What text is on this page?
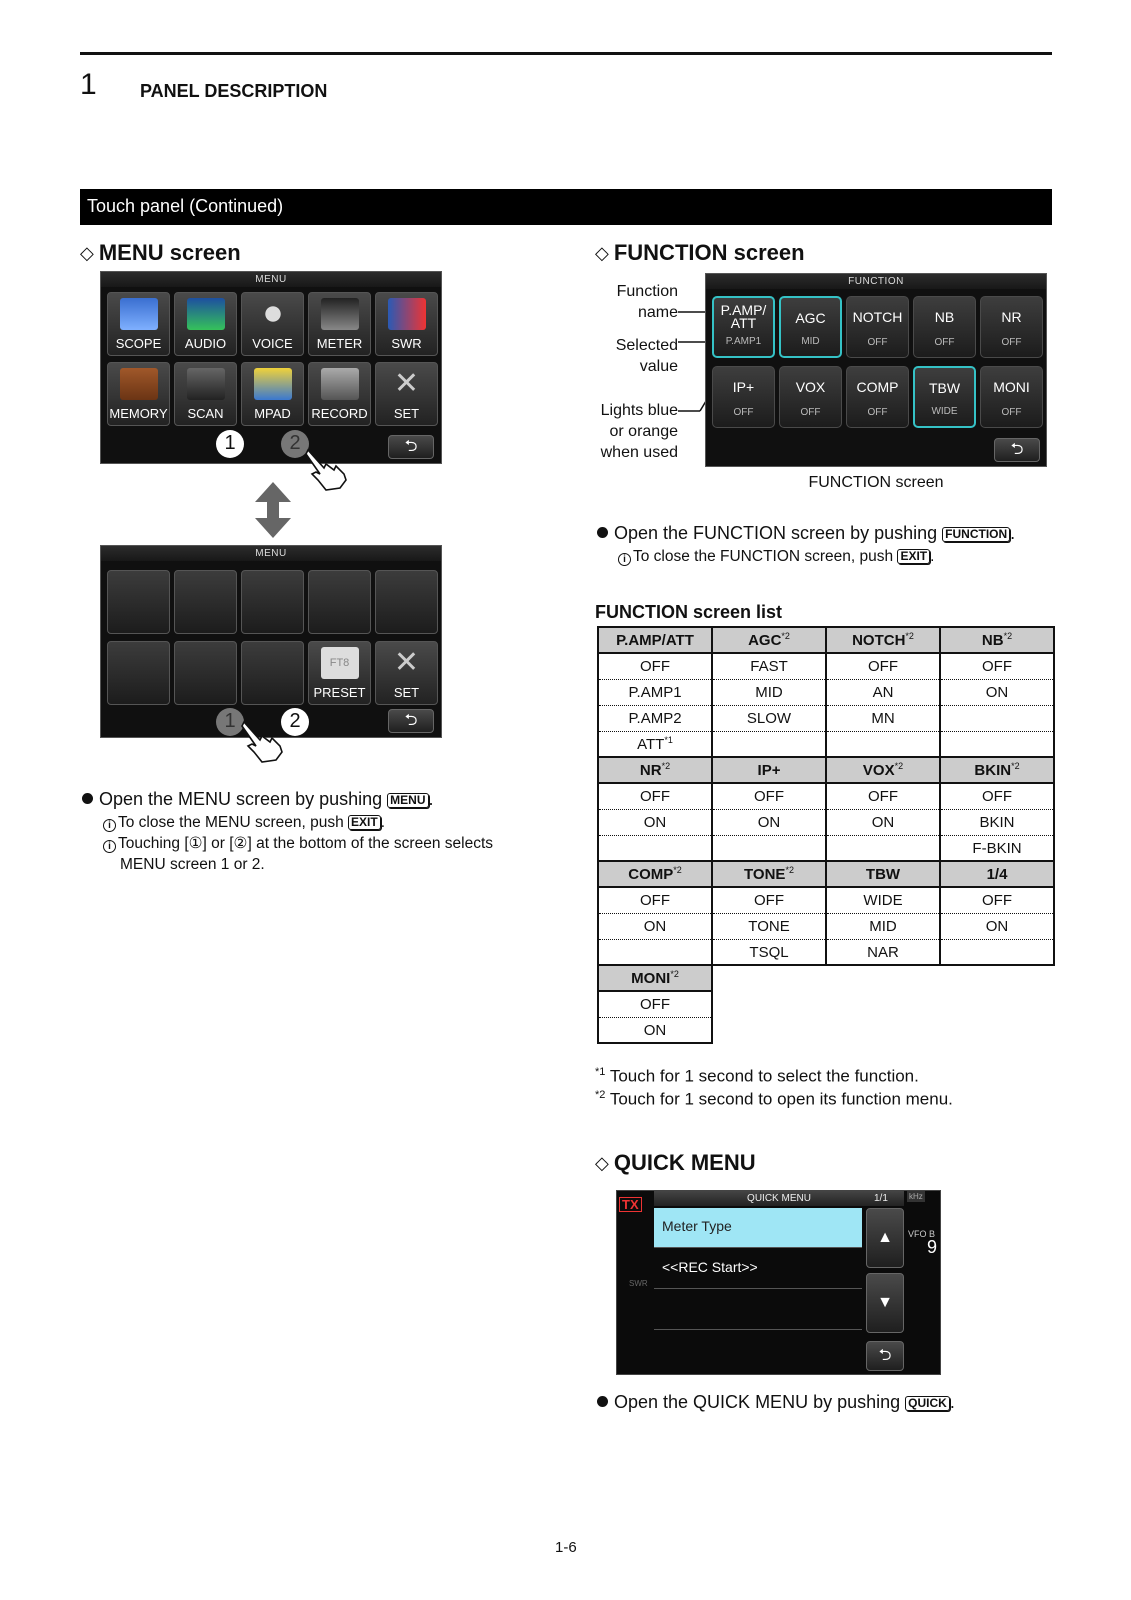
1 PANEL DESCRIPTION
Touch panel (Continued)
◇ MENU screen
MENU
SCOPE	AUDIO	VOICE	METER	SWR
MEMORY	SCAN	MPAD	RECORD
✕
SET
1	2	⮌
MENU
FT8
PRESET
✕
SET
1	2	⮌
Open the MENU screen by pushing MENU .
i To close the MENU screen, push EXIT .
i Touching [①] or [②] at the bottom of the screen selects
MENU screen 1 or 2.
◇ FUNCTION screen
Function
name
Selected
value
Lights blue
or orange
when used
FUNCTION
P.AMP/ ATT
P.AMP1
AGC
MID
NOTCH
OFF
NB
OFF
NR
OFF
IP+
OFF
VOX
OFF
COMP
OFF
TBW
WIDE
MONI
OFF
⮌
FUNCTION screen
Open the FUNCTION screen by pushing FUNCTION .
i To close the FUNCTION screen, push EXIT .
FUNCTION screen list
P.AMP/ATT	AGC$^{*2}$	NOTCH$^{*2}$	NB$^{*2}$
OFF	FAST	OFF	OFF
P.AMP1	MID	AN	ON
P.AMP2	SLOW	MN	
ATT$^{*1}$			
NR$^{*2}$	IP+	$VOX^{*2}$	BKIN$^{*2}$
OFF	OFF	OFF	OFF
ON	ON	ON	BKIN
			F-BKIN
COMP$^{*2}$	TONE$^{*2}$	TBW	1/4
OFF	OFF	WIDE	OFF
ON	TONE	MID	ON
	TSQL	NAR	
MONI$^{*2}$
OFF			
ON			
$^{*1}$ Touch for 1 second to select the function.
$^{*2}$ Touch for 1 second to open its function menu.
◇ QUICK MENU
TX
SWR
QUICK MENU	1/1	kHz
VFO B
9
Meter Type
<<REC Start>>
▲
▼
⮌
Open the QUICK MENU by pushing QUICK .
1-6
